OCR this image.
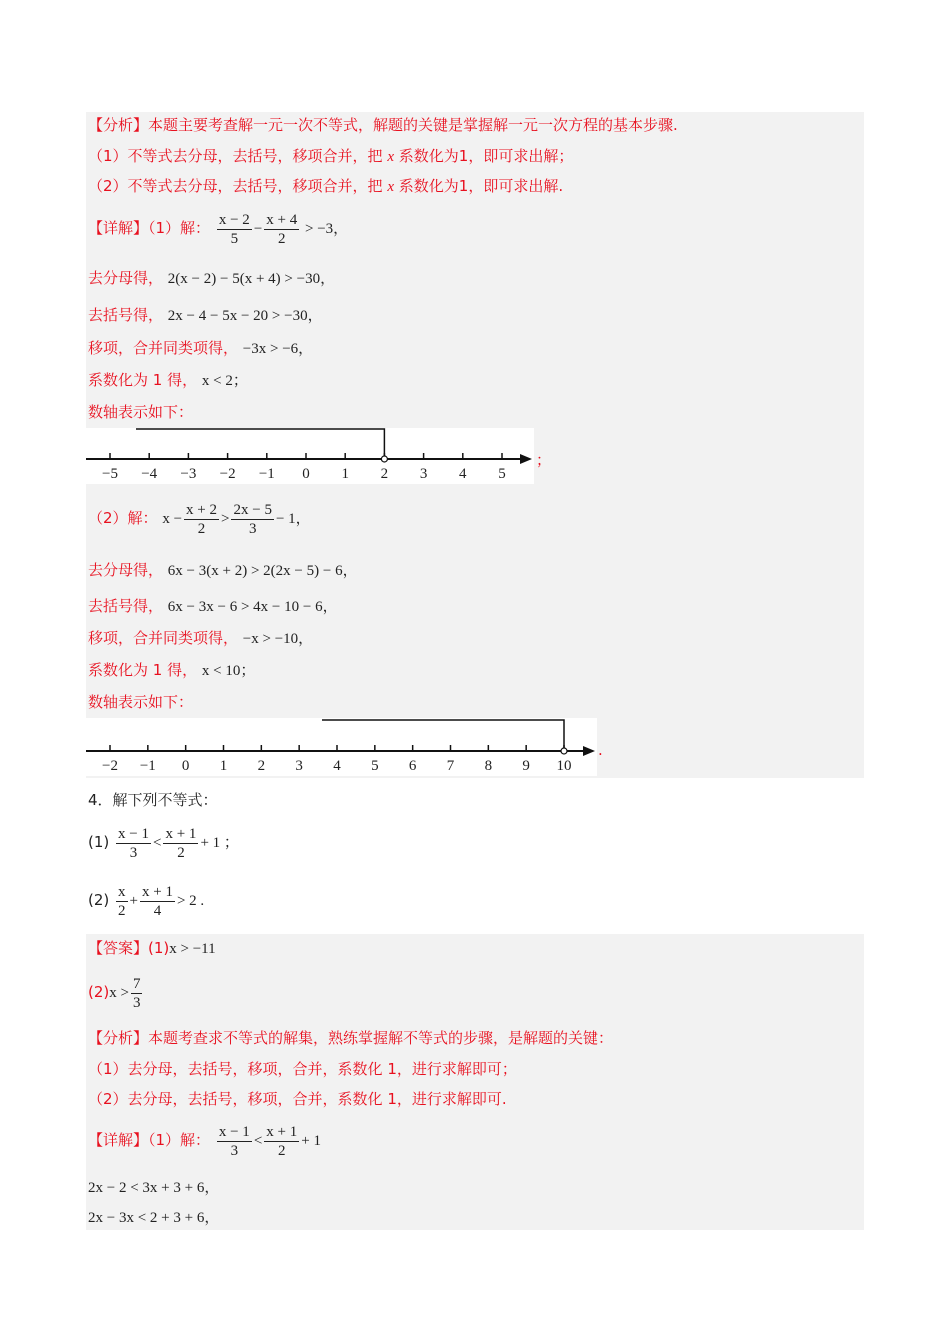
【分析】本题主要考查解一元一次不等式，解题的关键是掌握解一元一次方程的基本步骤.
（1）不等式去分母，去括号，移项合并，把 x 系数化为1，即可求出解；
（2）不等式去分母，去括号，移项合并，把 x 系数化为1，即可求出解.
【详解】（1）解： $\frac{x - 2}{5} - \frac{x + 4}{2} > -3$，
去分母得， 2(x − 2) − 5(x + 4) > −30，
去括号得， 2x − 4 − 5x − 20 > −30，
移项，合并同类项得， −3x > −6，
系数化为 1 得， x < 2；
数轴表示如下：
−5 −4 −3 −2 −1 0 1 2 3 4 5
；
（2）解： $x - \frac{x + 2}{2} > \frac{2x - 5}{3} - 1$，
去分母得， 6x − 3(x + 2) > 2(2x − 5) − 6，
去括号得， 6x − 3x − 6 > 4x − 10 − 6，
移项，合并同类项得， −x > −10，
系数化为 1 得， x < 10；
数轴表示如下：
−2 −1 0 1 2 3 4 5 6 7 8 9 10
.
4．解下列不等式：
$(1) \frac{x - 1}{3} < \frac{x + 1}{2} + 1$ ；
$(2) \frac{x}{2} + \frac{x + 1}{4} > 2$ .
【答案】(1)x > −11
$(2)x > \frac{7}{3}$
【分析】本题考查求不等式的解集，熟练掌握解不等式的步骤，是解题的关键：
（1）去分母，去括号，移项，合并，系数化 1，进行求解即可；
（2）去分母，去括号，移项，合并，系数化 1，进行求解即可.
【详解】（1）解： $\frac{x - 1}{3} < \frac{x + 1}{2} + 1$
2x − 2 < 3x + 3 + 6，
2x − 3x < 2 + 3 + 6，
